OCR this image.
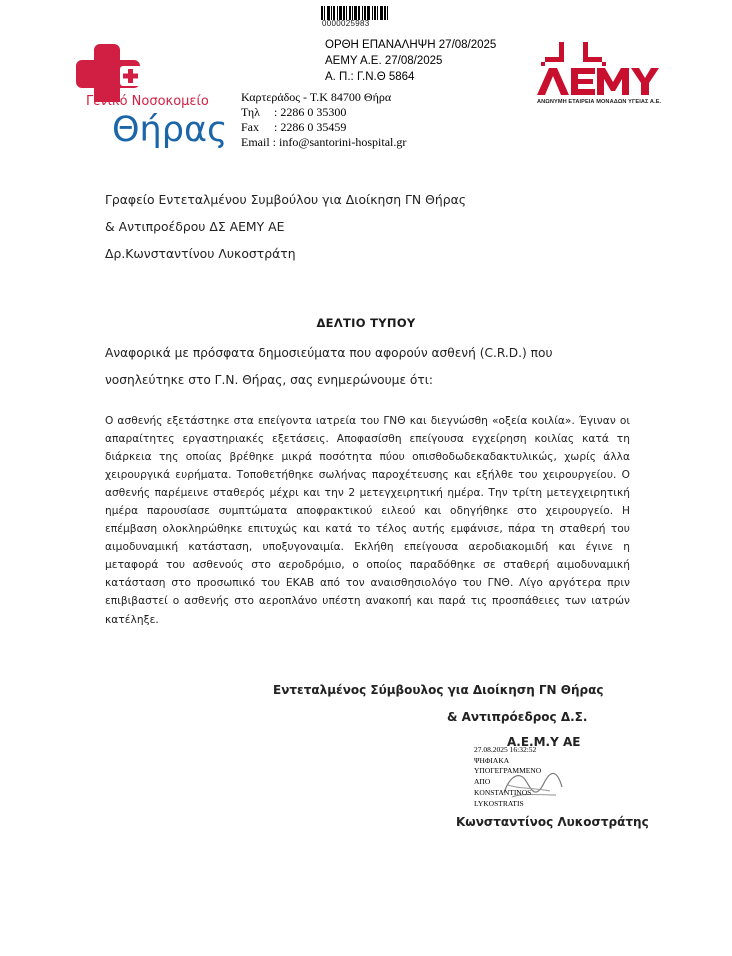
0000025983
ΟΡΘΗ ΕΠΑΝΑΛΗΨΗ 27/08/2025
ΑΕΜΥ Α.Ε. 27/08/2025
Α. Π.: Γ.Ν.Θ 5864
Γενικό Νοσοκομείο
Θήρας
Καρτεράδος - Τ.Κ 84700 Θήρα
Τηλ	: 2286 0 35300
Fax	: 2286 0 35459
Email : info@santorini-hospital.gr
ΑΝΩΝΥΜΗ ΕΤΑΙΡΕΙΑ ΜΟΝΑΔΩΝ ΥΓΕΙΑΣ Α.Ε.
Γραφείο Εντεταλμένου Συμβούλου για Διοίκηση ΓΝ Θήρας
& Αντιπροέδρου ΔΣ ΑΕΜΥ ΑΕ
Δρ.Κωνσταντίνου Λυκοστράτη
ΔΕΛΤΙΟ ΤΥΠΟΥ
Αναφορικά με πρόσφατα δημοσιεύματα που αφορούν ασθενή (C.R.D.) που νοσηλεύτηκε στο Γ.Ν. Θήρας, σας ενημερώνουμε ότι:
Ο ασθενής εξετάστηκε στα επείγοντα ιατρεία του ΓΝΘ και διεγνώσθη «οξεία κοιλία». Έγιναν οι απαραίτητες εργαστηριακές εξετάσεις. Αποφασίσθη επείγουσα εγχείρηση κοιλίας κατά τη διάρκεια της οποίας βρέθηκε μικρά ποσότητα πύου οπισθοδωδεκαδακτυλικώς, χωρίς άλλα χειρουργικά ευρήματα. Τοποθετήθηκε σωλήνας παροχέτευσης και εξήλθε του χειρουργείου. Ο ασθενής παρέμεινε σταθερός μέχρι και την 2 μετεγχειρητική ημέρα. Την τρίτη μετεγχειρητική ημέρα παρουσίασε συμπτώματα αποφρακτικού ειλεού και οδηγήθηκε στο χειρουργείο. Η επέμβαση ολοκληρώθηκε επιτυχώς και κατά το τέλος αυτής εμφάνισε, πάρα τη σταθερή του αιμοδυναμική κατάσταση, υποξυγοναιμία. Εκλήθη επείγουσα αεροδιακομιδή και έγινε η μεταφορά του ασθενούς στο αεροδρόμιο, ο οποίος παραδόθηκε σε σταθερή αιμοδυναμική κατάσταση στο προσωπικό του ΕΚΑΒ από τον αναισθησιολόγο του ΓΝΘ. Λίγο αργότερα πριν επιβιβαστεί ο ασθενής στο αεροπλάνο υπέστη ανακοπή και παρά τις προσπάθειες των ιατρών κατέληξε.
Εντεταλμένος Σύμβουλος για Διοίκηση ΓΝ Θήρας
& Αντιπρόεδρος Δ.Σ.
Α.Ε.Μ.Υ ΑΕ
27.08.2025 16:32:52
ΨΗΦΙΑΚΑ
ΥΠΟΓΕΓΡΑΜΜΕΝΟ
ΑΠΟ
KONSTANTINOS
LYKOSTRATIS
Κωνσταντίνος Λυκοστράτης
